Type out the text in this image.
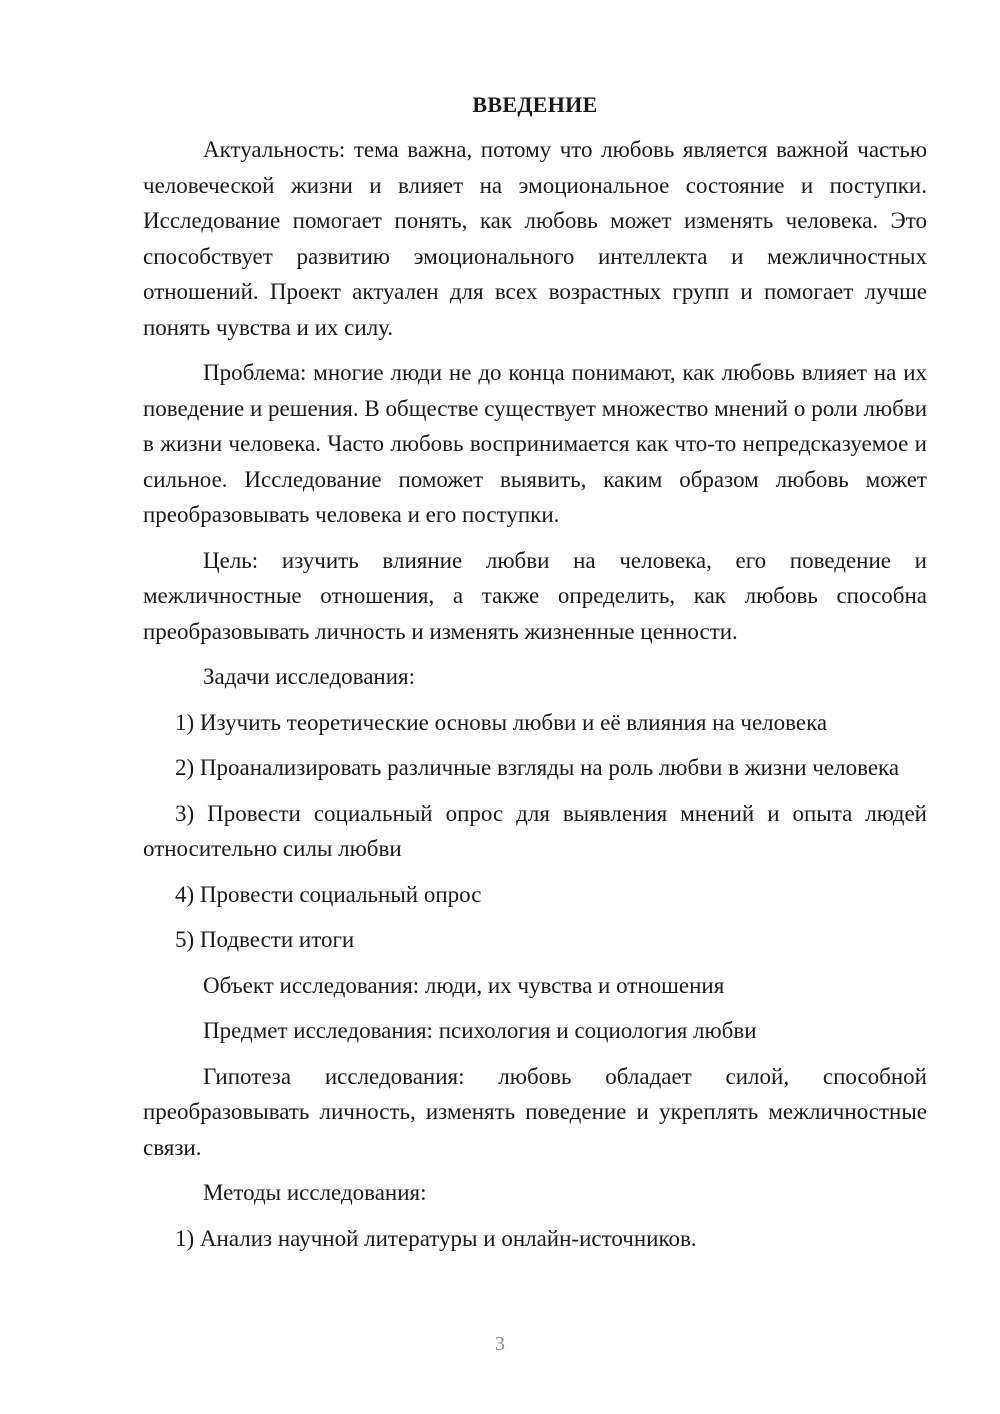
ВВЕДЕНИЕ

Актуальность: тема важна, потому что любовь является важной частью человеческой жизни и влияет на эмоциональное состояние и поступки. Исследование помогает понять, как любовь может изменять человека. Это способствует развитию эмоционального интеллекта и межличностных отношений. Проект актуален для всех возрастных групп и помогает лучше понять чувства и их силу.

Проблема: многие люди не до конца понимают, как любовь влияет на их поведение и решения. В обществе существует множество мнений о роли любви в жизни человека. Часто любовь воспринимается как что-то непредсказуемое и сильное. Исследование поможет выявить, каким образом любовь может преобразовывать человека и его поступки.

Цель: изучить влияние любви на человека, его поведение и межличностные отношения, а также определить, как любовь способна преобразовывать личность и изменять жизненные ценности.

Задачи исследования:

1) Изучить теоретические основы любви и её влияния на человека

2) Проанализировать различные взгляды на роль любви в жизни человека

3) Провести социальный опрос для выявления мнений и опыта людей относительно силы любви

4) Провести социальный опрос

5) Подвести итоги

Объект исследования: люди, их чувства и отношения

Предмет исследования: психология и социология любви

Гипотеза исследования: любовь обладает силой, способной преобразовывать личность, изменять поведение и укреплять межличностные связи.

Методы исследования:

1) Анализ научной литературы и онлайн-источников.

3
